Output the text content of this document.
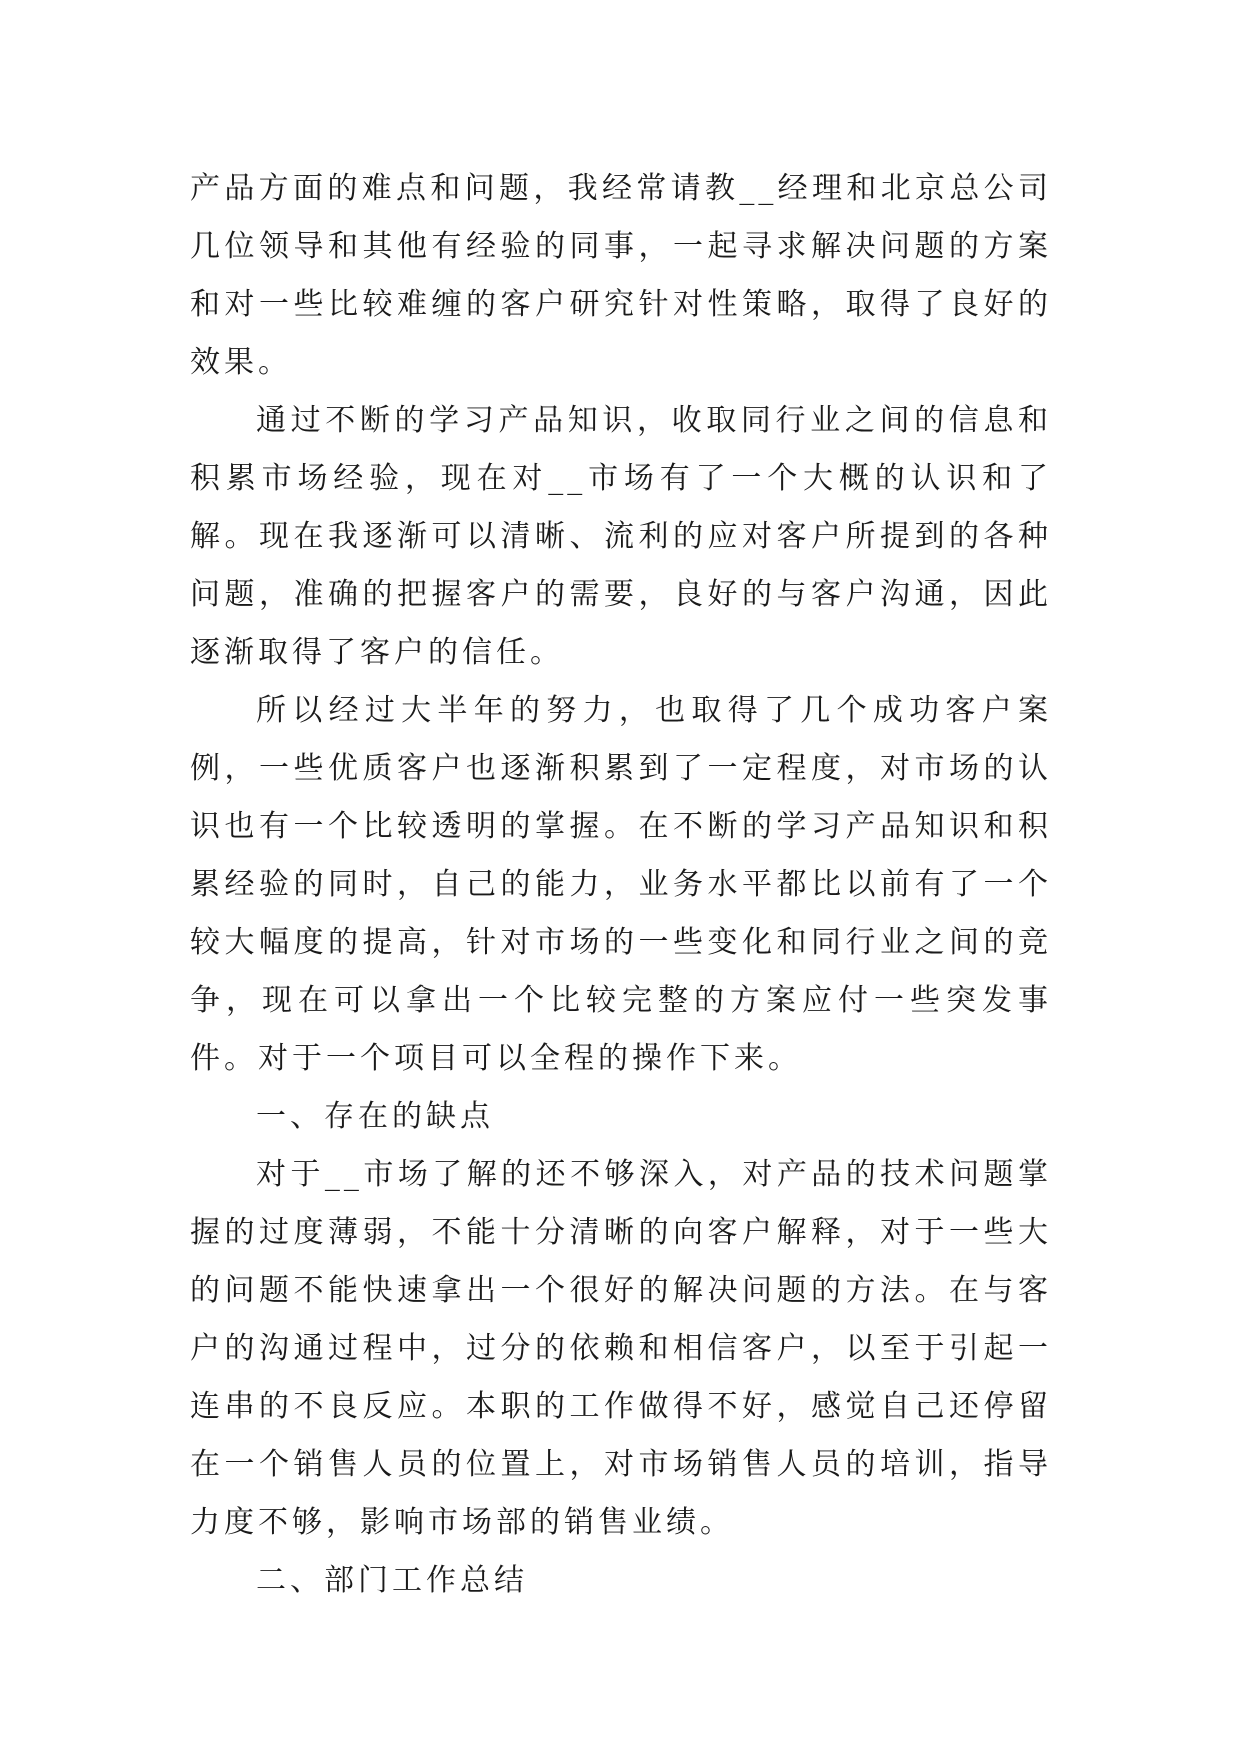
产品方面的难点和问题，我经常请教__经理和北京总公司几位领导和其他有经验的同事，一起寻求解决问题的方案和对一些比较难缠的客户研究针对性策略，取得了良好的效果。

通过不断的学习产品知识，收取同行业之间的信息和积累市场经验，现在对__市场有了一个大概的认识和了解。现在我逐渐可以清晰、流利的应对客户所提到的各种问题，准确的把握客户的需要，良好的与客户沟通，因此逐渐取得了客户的信任。

所以经过大半年的努力，也取得了几个成功客户案例，一些优质客户也逐渐积累到了一定程度，对市场的认识也有一个比较透明的掌握。在不断的学习产品知识和积累经验的同时，自己的能力，业务水平都比以前有了一个较大幅度的提高，针对市场的一些变化和同行业之间的竞争，现在可以拿出一个比较完整的方案应付一些突发事件。对于一个项目可以全程的操作下来。

一、存在的缺点

对于__市场了解的还不够深入，对产品的技术问题掌握的过度薄弱，不能十分清晰的向客户解释，对于一些大的问题不能快速拿出一个很好的解决问题的方法。在与客户的沟通过程中，过分的依赖和相信客户，以至于引起一连串的不良反应。本职的工作做得不好，感觉自己还停留在一个销售人员的位置上，对市场销售人员的培训，指导力度不够，影响市场部的销售业绩。

二、部门工作总结
